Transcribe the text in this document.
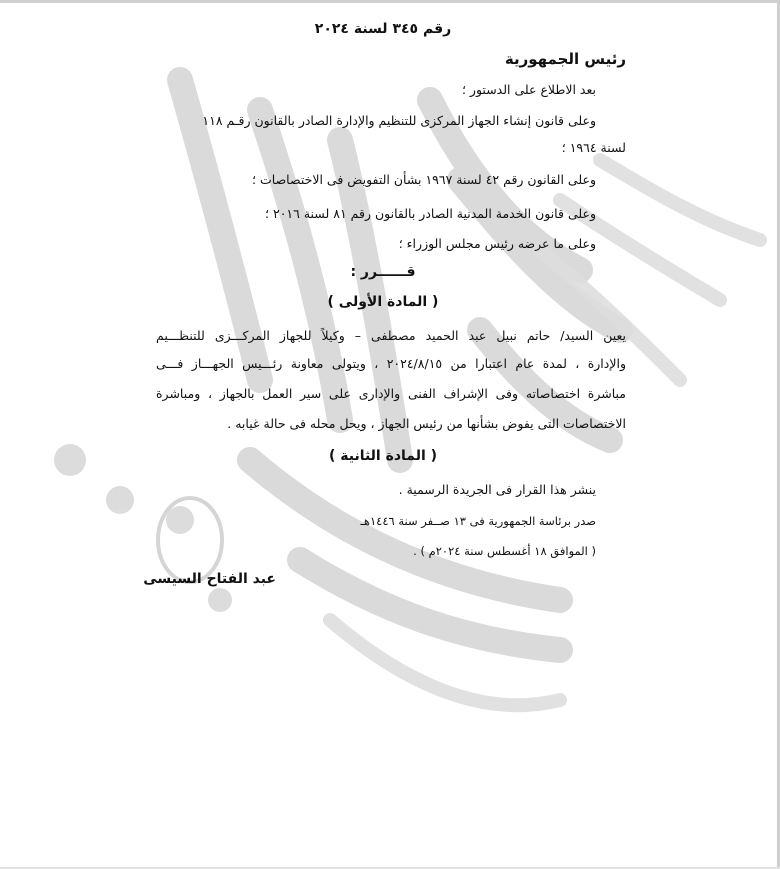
رقم ٣٤٥ لسنة ٢٠٢٤
رئيس الجمهورية
بعد الاطلاع على الدستور ؛
وعلى قانون إنشاء الجهاز المركزى للتنظيم والإدارة الصادر بالقانون رقـم ١١٨
لسنة ١٩٦٤ ؛
وعلى القانون رقم ٤٢ لسنة ١٩٦٧ بشأن التفويض فى الاختصاصات ؛
وعلى قانون الخدمة المدنية الصادر بالقانون رقم ٨١ لسنة ٢٠١٦ ؛
وعلى ما عرضه رئيس مجلس الوزراء ؛
قــــــرر :
( المادة الأولى )
يعين السيد/ حاتم نبيل عبد الحميد مصطفى – وكيلاً للجهاز المركـــزى للتنظـــيم
والإدارة ، لمدة عام اعتبارا من ٢٠٢٤/٨/١٥ ، ويتولى معاونة رئـــيس الجهـــاز فـــى
مباشرة اختصاصاته وفى الإشراف الفنى والإدارى على سير العمل بالجهاز ، ومباشرة
الاختصاصات التى يفوض بشأنها من رئيس الجهاز ، ويحل محله فى حالة غيابه .
( المادة الثانية )
ينشر هذا القرار فى الجريدة الرسمية .
صدر برئاسة الجمهورية فى ١٣ صــفر سنة ١٤٤٦هـ
( الموافق ١٨ أغسطس سنة ٢٠٢٤م ) .
عبد الفتاح السيسى
